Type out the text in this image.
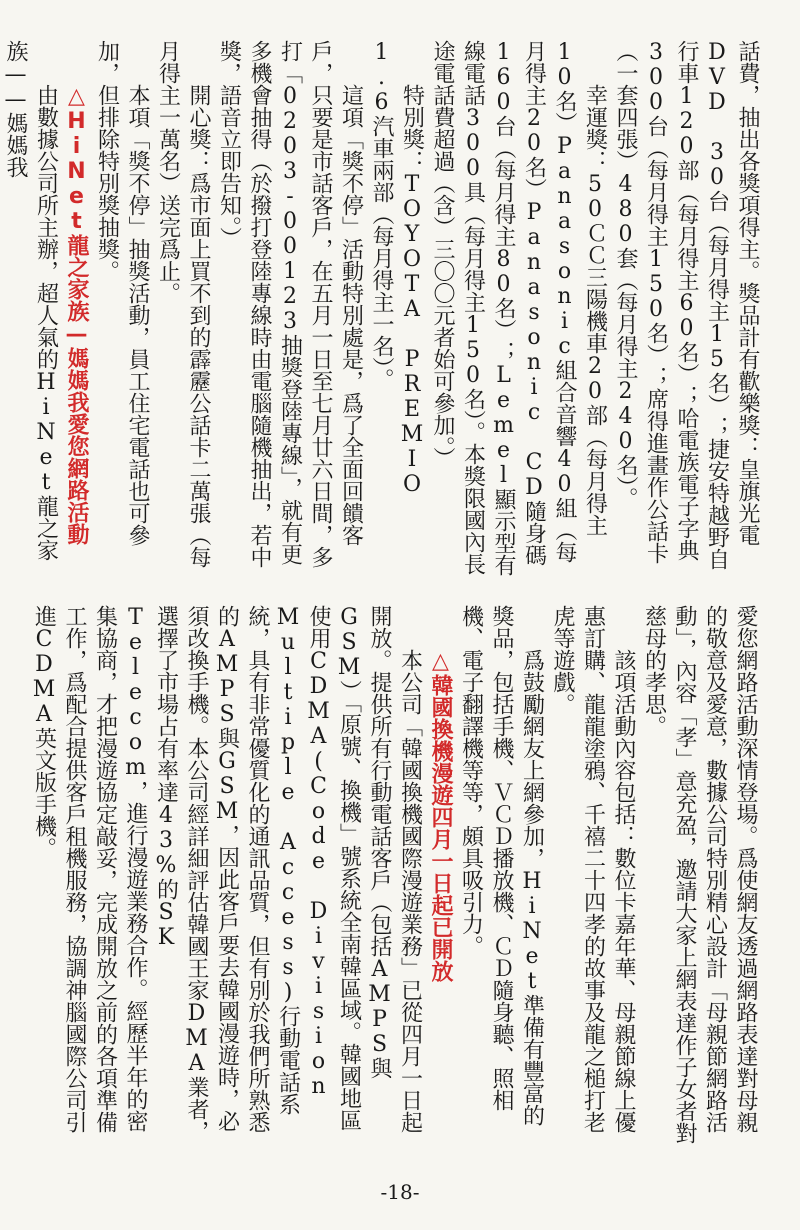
話費，抽出各獎項得主。獎品計有歡樂獎：皇旗光電DVD 30台（每月得主15名）；捷安特越野自行車120部（每月得主60名）；哈電族電子字典300台（每月得主150名）；席得進畫作公話卡（一套四張）480套（每月得主240名）。

幸運獎：50ＣＣ三陽機車20部（每月得主10名）Panasonic組合音響40組（每月得主20名）Panasonic CD隨身碼160台（每月得主80名）；Lemel顯示型有線電話300具（每月得主150名）。本獎限國內長途電話費超過（含）三〇〇元者始可參加。）

特別獎：TOYOTA PREMIO 1.6汽車兩部（每月得主一名）。

這項「獎不停」活動特別處是，爲了全面回饋客戶，只要是市話客戶，在五月一日至七月廿六日間，多打「0203-00123抽獎登陸專線」，就有更多機會抽得（於撥打登陸專線時由電腦隨機抽出，若中獎，語音立即告知。）

開心獎：爲市面上買不到的霹靂公話卡二萬張（每月得主一萬名）送完爲止。

本項「獎不停」抽獎活動，員工住宅電話也可參加，但排除特別獎抽獎。

△HiNet龍之家族—媽媽我愛您網路活動

由數據公司所主辦，超人氣的HiNet龍之家族——媽媽我

愛您網路活動深情登場。爲使網友透過網路表達對母親的敬意及愛意，數據公司特別精心設計「母親節網路活動」，內容「孝」意充盈，邀請大家上網表達作子女者對慈母的孝思。

該項活動內容包括：數位卡嘉年華、母親節線上優惠訂購、龍龍塗鴉、千禧二十四孝的故事及龍之槌打老虎等遊戲。

爲鼓勵網友上網參加，HiNet準備有豐富的獎品，包括手機、ＶＣＤ播放機、ＣＤ隨身聽、照相機、電子翻譯機等等，頗具吸引力。

△韓國換機漫遊四月一日起已開放

本公司「韓國換機國際漫遊業務」已從四月一日起開放。提供所有行動電話客戶（包括AMPS與GSM）「原號、換機」號系統全南韓區域。韓國地區使用CDMA(Code Division Multiple Access)行動電話系統，具有非常優質化的通訊品質，但有別於我們所熟悉的AMPS與GSM，因此客戶要去韓國漫遊時，必須改換手機。本公司經詳細評估韓國王家DMA業者，選擇了市場占有率達43%的SK Telecom，進行漫遊業務合作。經歷半年的密集協商，才把漫遊協定敲妥，完成開放之前的各項準備工作，爲配合提供客戶租機服務，協調神腦國際公司引進CDMA英文版手機。

-18-
